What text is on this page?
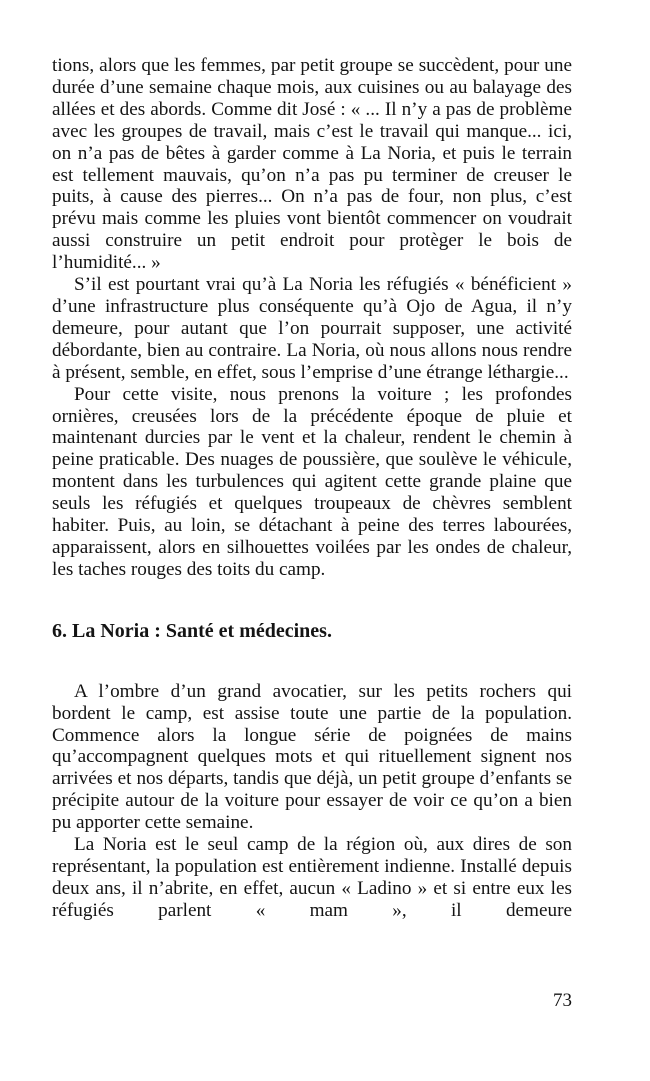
tions, alors que les femmes, par petit groupe se succèdent, pour une durée d’une semaine chaque mois, aux cuisines ou au balayage des allées et des abords. Comme dit José : « ... Il n’y a pas de problème avec les groupes de travail, mais c’est le travail qui manque... ici, on n’a pas de bêtes à garder comme à La Noria, et puis le terrain est tellement mauvais, qu’on n’a pas pu terminer de creuser le puits, à cause des pierres... On n’a pas de four, non plus, c’est prévu mais comme les pluies vont bientôt commencer on voudrait aussi construire un petit endroit pour protèger le bois de l’humidité... »

S’il est pourtant vrai qu’à La Noria les réfugiés « bénéficient » d’une infrastructure plus conséquente qu’à Ojo de Agua, il n’y demeure, pour autant que l’on pourrait supposer, une activité débordante, bien au contraire. La Noria, où nous allons nous rendre à présent, semble, en effet, sous l’emprise d’une étrange léthargie...

Pour cette visite, nous prenons la voiture ; les profondes ornières, creusées lors de la précédente époque de pluie et maintenant durcies par le vent et la chaleur, rendent le chemin à peine praticable. Des nuages de poussière, que soulève le véhicule, montent dans les turbulences qui agitent cette grande plaine que seuls les réfugiés et quelques troupeaux de chèvres semblent habiter. Puis, au loin, se détachant à peine des terres labourées, apparaissent, alors en silhouettes voilées par les ondes de chaleur, les taches rouges des toits du camp.

6. La Noria : Santé et médecines.

A l’ombre d’un grand avocatier, sur les petits rochers qui bordent le camp, est assise toute une partie de la population. Commence alors la longue série de poignées de mains qu’accompagnent quelques mots et qui rituellement signent nos arrivées et nos départs, tandis que déjà, un petit groupe d’enfants se précipite autour de la voiture pour essayer de voir ce qu’on a bien pu apporter cette semaine.

La Noria est le seul camp de la région où, aux dires de son représentant, la population est entièrement indienne. Installé depuis deux ans, il n’abrite, en effet, aucun « Ladino » et si entre eux les réfugiés parlent « mam », il demeure

73
